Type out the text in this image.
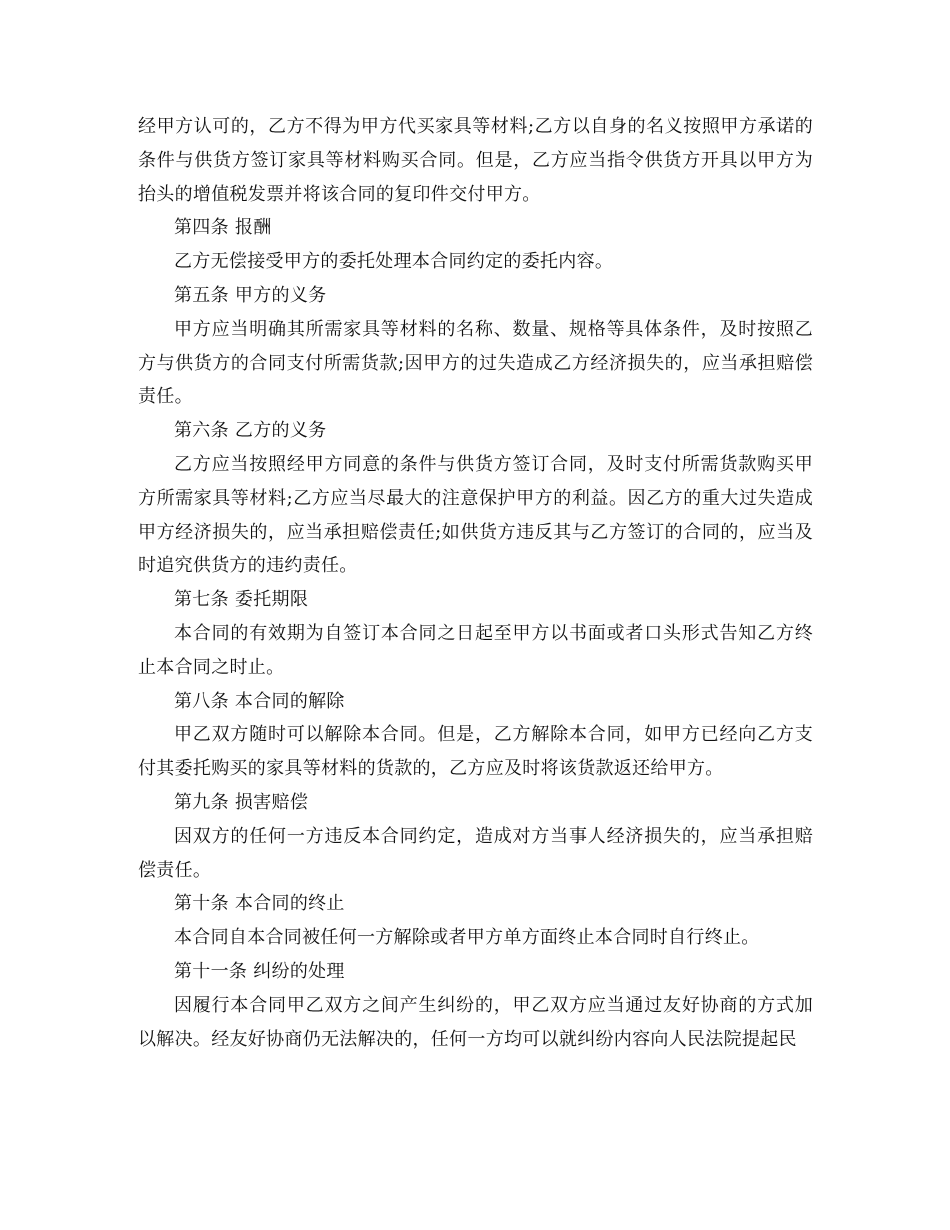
经甲方认可的，乙方不得为甲方代买家具等材料;乙方以自身的名义按照甲方承诺的条件与供货方签订家具等材料购买合同。但是，乙方应当指令供货方开具以甲方为抬头的增值税发票并将该合同的复印件交付甲方。

第四条 报酬

乙方无偿接受甲方的委托处理本合同约定的委托内容。

第五条 甲方的义务

甲方应当明确其所需家具等材料的名称、数量、规格等具体条件，及时按照乙方与供货方的合同支付所需货款;因甲方的过失造成乙方经济损失的，应当承担赔偿责任。

第六条 乙方的义务

乙方应当按照经甲方同意的条件与供货方签订合同，及时支付所需货款购买甲方所需家具等材料;乙方应当尽最大的注意保护甲方的利益。因乙方的重大过失造成甲方经济损失的，应当承担赔偿责任;如供货方违反其与乙方签订的合同的，应当及时追究供货方的违约责任。

第七条 委托期限

本合同的有效期为自签订本合同之日起至甲方以书面或者口头形式告知乙方终止本合同之时止。

第八条 本合同的解除

甲乙双方随时可以解除本合同。但是，乙方解除本合同，如甲方已经向乙方支付其委托购买的家具等材料的货款的，乙方应及时将该货款返还给甲方。

第九条 损害赔偿

因双方的任何一方违反本合同约定，造成对方当事人经济损失的，应当承担赔偿责任。

第十条 本合同的终止

本合同自本合同被任何一方解除或者甲方单方面终止本合同时自行终止。

第十一条 纠纷的处理

因履行本合同甲乙双方之间产生纠纷的，甲乙双方应当通过友好协商的方式加以解决。经友好协商仍无法解决的，任何一方均可以就纠纷内容向人民法院提起民
